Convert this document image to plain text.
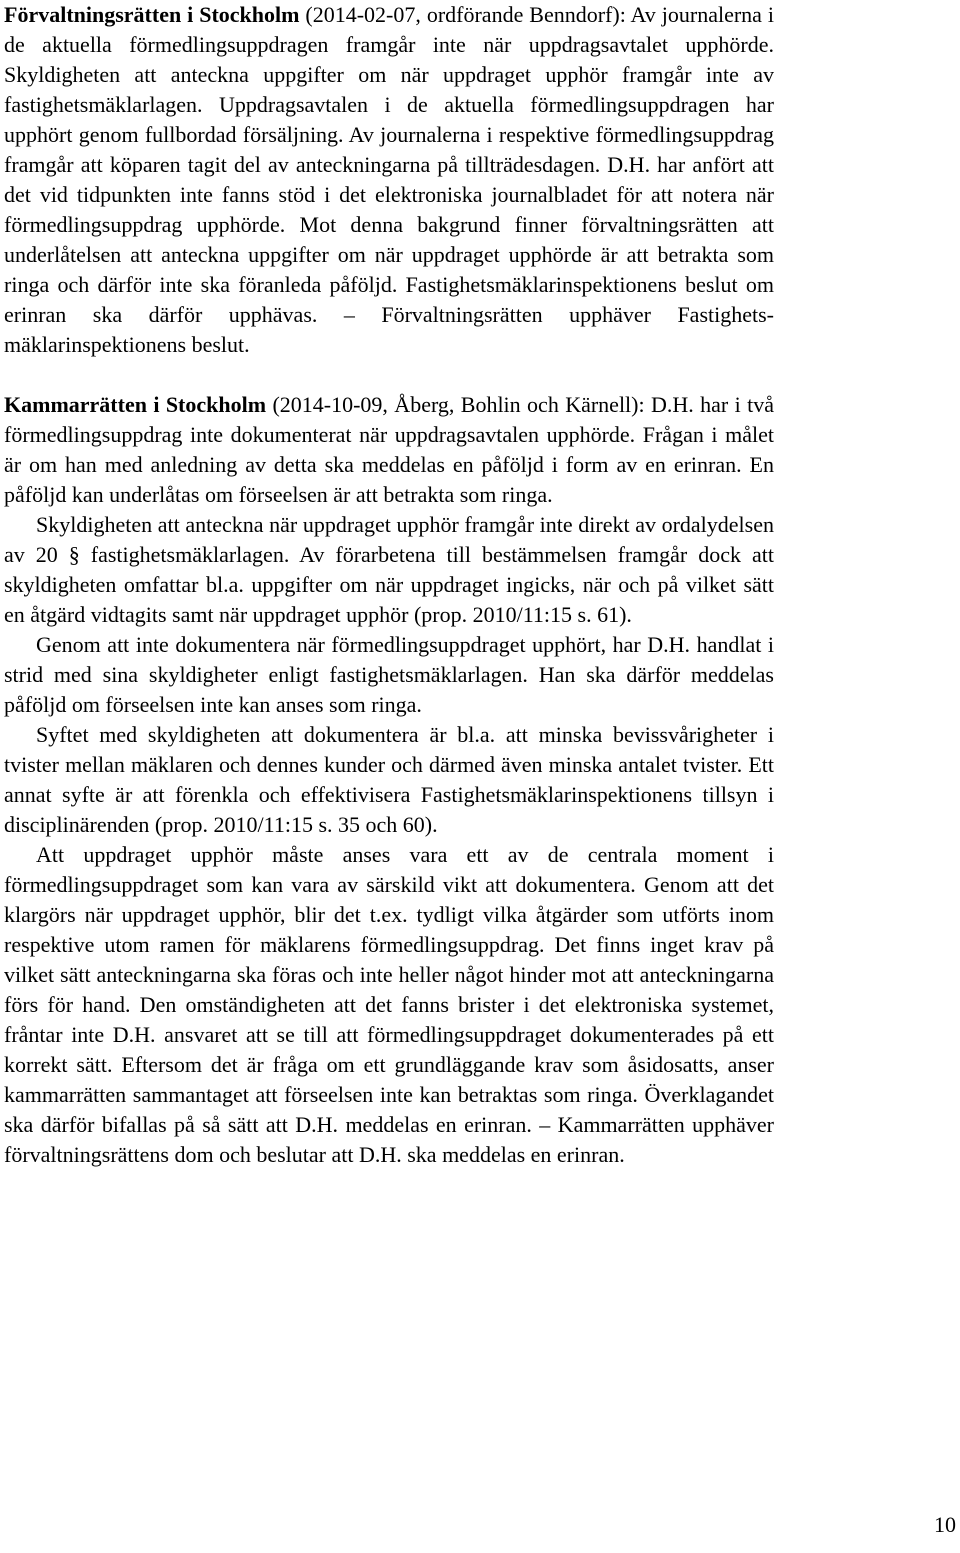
Förvaltningsrätten i Stockholm (2014-02-07, ordförande Benndorf): Av journalerna i de aktuella förmedlingsuppdragen framgår inte när uppdragsavtalet upphörde. Skyldigheten att anteckna uppgifter om när uppdraget upphör framgår inte av fastighetsmäklarlagen. Uppdragsavtalen i de aktuella förmedlingsuppdragen har upphört genom fullbordad försäljning. Av journalerna i respektive förmedlingsuppdrag framgår att köparen tagit del av anteckningarna på tillträdesdagen. D.H. har anfört att det vid tidpunkten inte fanns stöd i det elektroniska journalbladet för att notera när förmedlingsuppdrag upphörde. Mot denna bakgrund finner förvaltningsrätten att underlåtelsen att anteckna uppgifter om när uppdraget upphörde är att betrakta som ringa och därför inte ska föranleda påföljd. Fastighetsmäklarinspektionens beslut om erinran ska därför upphävas. – Förvaltningsrätten upphäver Fastighetsmäklarinspektionens beslut.

Kammarrätten i Stockholm (2014-10-09, Åberg, Bohlin och Kärnell): D.H. har i två förmedlingsuppdrag inte dokumenterat när uppdragsavtalen upphörde. Frågan i målet är om han med anledning av detta ska meddelas en påföljd i form av en erinran. En påföljd kan underlåtas om förseelsen är att betrakta som ringa.

Skyldigheten att anteckna när uppdraget upphör framgår inte direkt av ordalydelsen av 20 § fastighetsmäklarlagen. Av förarbetena till bestämmelsen framgår dock att skyldigheten omfattar bl.a. uppgifter om när uppdraget ingicks, när och på vilket sätt en åtgärd vidtagits samt när uppdraget upphör (prop. 2010/11:15 s. 61).

Genom att inte dokumentera när förmedlingsuppdraget upphört, har D.H. handlat i strid med sina skyldigheter enligt fastighetsmäklarlagen. Han ska därför meddelas påföljd om förseelsen inte kan anses som ringa.

Syftet med skyldigheten att dokumentera är bl.a. att minska bevissvårigheter i tvister mellan mäklaren och dennes kunder och därmed även minska antalet tvister. Ett annat syfte är att förenkla och effektivisera Fastighetsmäklarinspektionens tillsyn i disciplinärenden (prop. 2010/11:15 s. 35 och 60).

Att uppdraget upphör måste anses vara ett av de centrala moment i förmedlingsuppdraget som kan vara av särskild vikt att dokumentera. Genom att det klargörs när uppdraget upphör, blir det t.ex. tydligt vilka åtgärder som utförts inom respektive utom ramen för mäklarens förmedlingsuppdrag. Det finns inget krav på vilket sätt anteckningarna ska föras och inte heller något hinder mot att anteckningarna förs för hand. Den omständigheten att det fanns brister i det elektroniska systemet, fråntar inte D.H. ansvaret att se till att förmedlingsuppdraget dokumenterades på ett korrekt sätt. Eftersom det är fråga om ett grundläggande krav som åsidosatts, anser kammarrätten sammantaget att förseelsen inte kan betraktas som ringa. Överklagandet ska därför bifallas på så sätt att D.H. meddelas en erinran. – Kammarrätten upphäver förvaltningsrättens dom och beslutar att D.H. ska meddelas en erinran.

10
